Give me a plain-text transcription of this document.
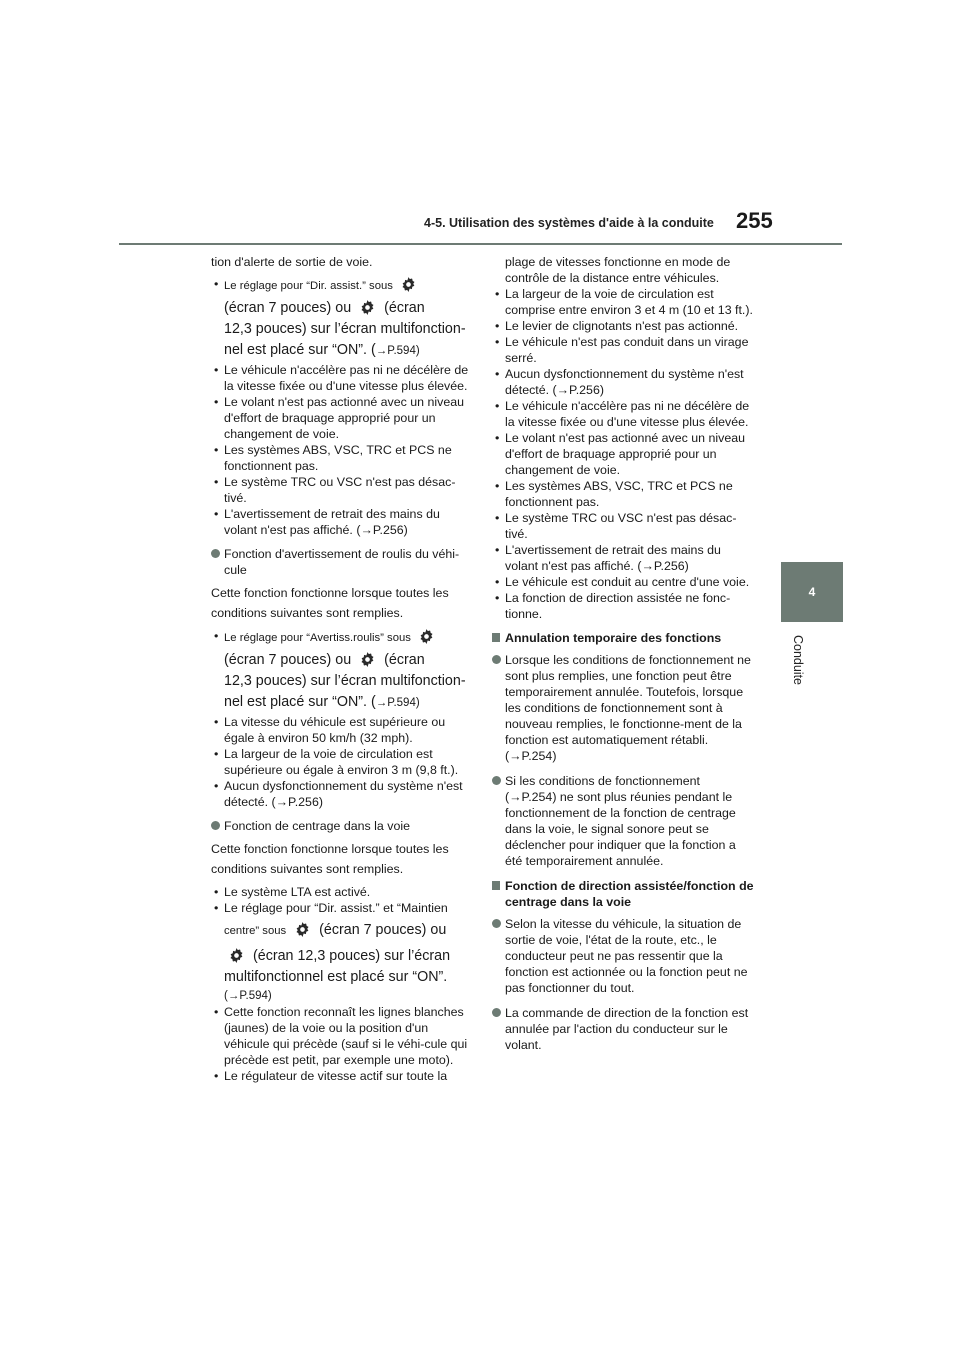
4-5. Utilisation des systèmes d'aide à la conduite 255
4
Conduite

tion d'alerte de sortie de voie.

• Le réglage pour “Dir. assist.” sous
(écran 7 pouces) ou (écran
12,3 pouces) sur l’écran multifonction-
nel est placé sur “ON”. (→P.594)
• Le véhicule n'accélère pas ni ne décélère de la vitesse fixée ou d'une vitesse plus élevée.
• Le volant n'est pas actionné avec un niveau d'effort de braquage approprié pour un changement de voie.
• Les systèmes ABS, VSC, TRC et PCS ne fonctionnent pas.
• Le système TRC ou VSC n'est pas désac-tivé.
• L'avertissement de retrait des mains du volant n'est pas affiché. (→P.256)
Fonction d'avertissement de roulis du véhi-cule

Cette fonction fonctionne lorsque toutes les
conditions suivantes sont remplies.

• Le réglage pour “Avertiss.roulis” sous
(écran 7 pouces) ou (écran
12,3 pouces) sur l’écran multifonction-
nel est placé sur “ON”. (→P.594)
• La vitesse du véhicule est supérieure ou égale à environ 50 km/h (32 mph).
• La largeur de la voie de circulation est supérieure ou égale à environ 3 m (9,8 ft.).
• Aucun dysfonctionnement du système n'est détecté. (→P.256)
Fonction de centrage dans la voie

Cette fonction fonctionne lorsque toutes les
conditions suivantes sont remplies.

• Le système LTA est activé.
• Le réglage pour “Dir. assist.” et “Maintien
centre” sous (écran 7 pouces) ou
(écran 12,3 pouces) sur l’écran
multifonctionnel est placé sur “ON”.
(→P.594)
• Cette fonction reconnaît les lignes blanches (jaunes) de la voie ou la position d'un véhicule qui précède (sauf si le véhi-cule qui précède est petit, par exemple une moto).
• Le régulateur de vitesse actif sur toute la
plage de vitesses fonctionne en mode de contrôle de la distance entre véhicules.
• La largeur de la voie de circulation est comprise entre environ 3 et 4 m (10 et 13 ft.).
• Le levier de clignotants n'est pas actionné.
• Le véhicule n'est pas conduit dans un virage serré.
• Aucun dysfonctionnement du système n'est détecté. (→P.256)
• Le véhicule n'accélère pas ni ne décélère de la vitesse fixée ou d'une vitesse plus élevée.
• Le volant n'est pas actionné avec un niveau d'effort de braquage approprié pour un changement de voie.
• Les systèmes ABS, VSC, TRC et PCS ne fonctionnent pas.
• Le système TRC ou VSC n'est pas désac-tivé.
• L'avertissement de retrait des mains du volant n'est pas affiché. (→P.256)
• Le véhicule est conduit au centre d'une voie.
• La fonction de direction assistée ne fonc-tionne.
Annulation temporaire des fonctions
Lorsque les conditions de fonctionnement ne sont plus remplies, une fonction peut être temporairement annulée. Toutefois, lorsque les conditions de fonctionnement sont à nouveau remplies, le fonctionne-ment de la fonction est automatiquement rétabli. (→P.254)
Si les conditions de fonctionnement (→P.254) ne sont plus réunies pendant le fonctionnement de la fonction de centrage dans la voie, le signal sonore peut se déclencher pour indiquer que la fonction a été temporairement annulée.
Fonction de direction assistée/fonction de centrage dans la voie
Selon la vitesse du véhicule, la situation de sortie de voie, l'état de la route, etc., le conducteur peut ne pas ressentir que la fonction est actionnée ou la fonction peut ne pas fonctionner du tout.
La commande de direction de la fonction est annulée par l'action du conducteur sur le volant.
